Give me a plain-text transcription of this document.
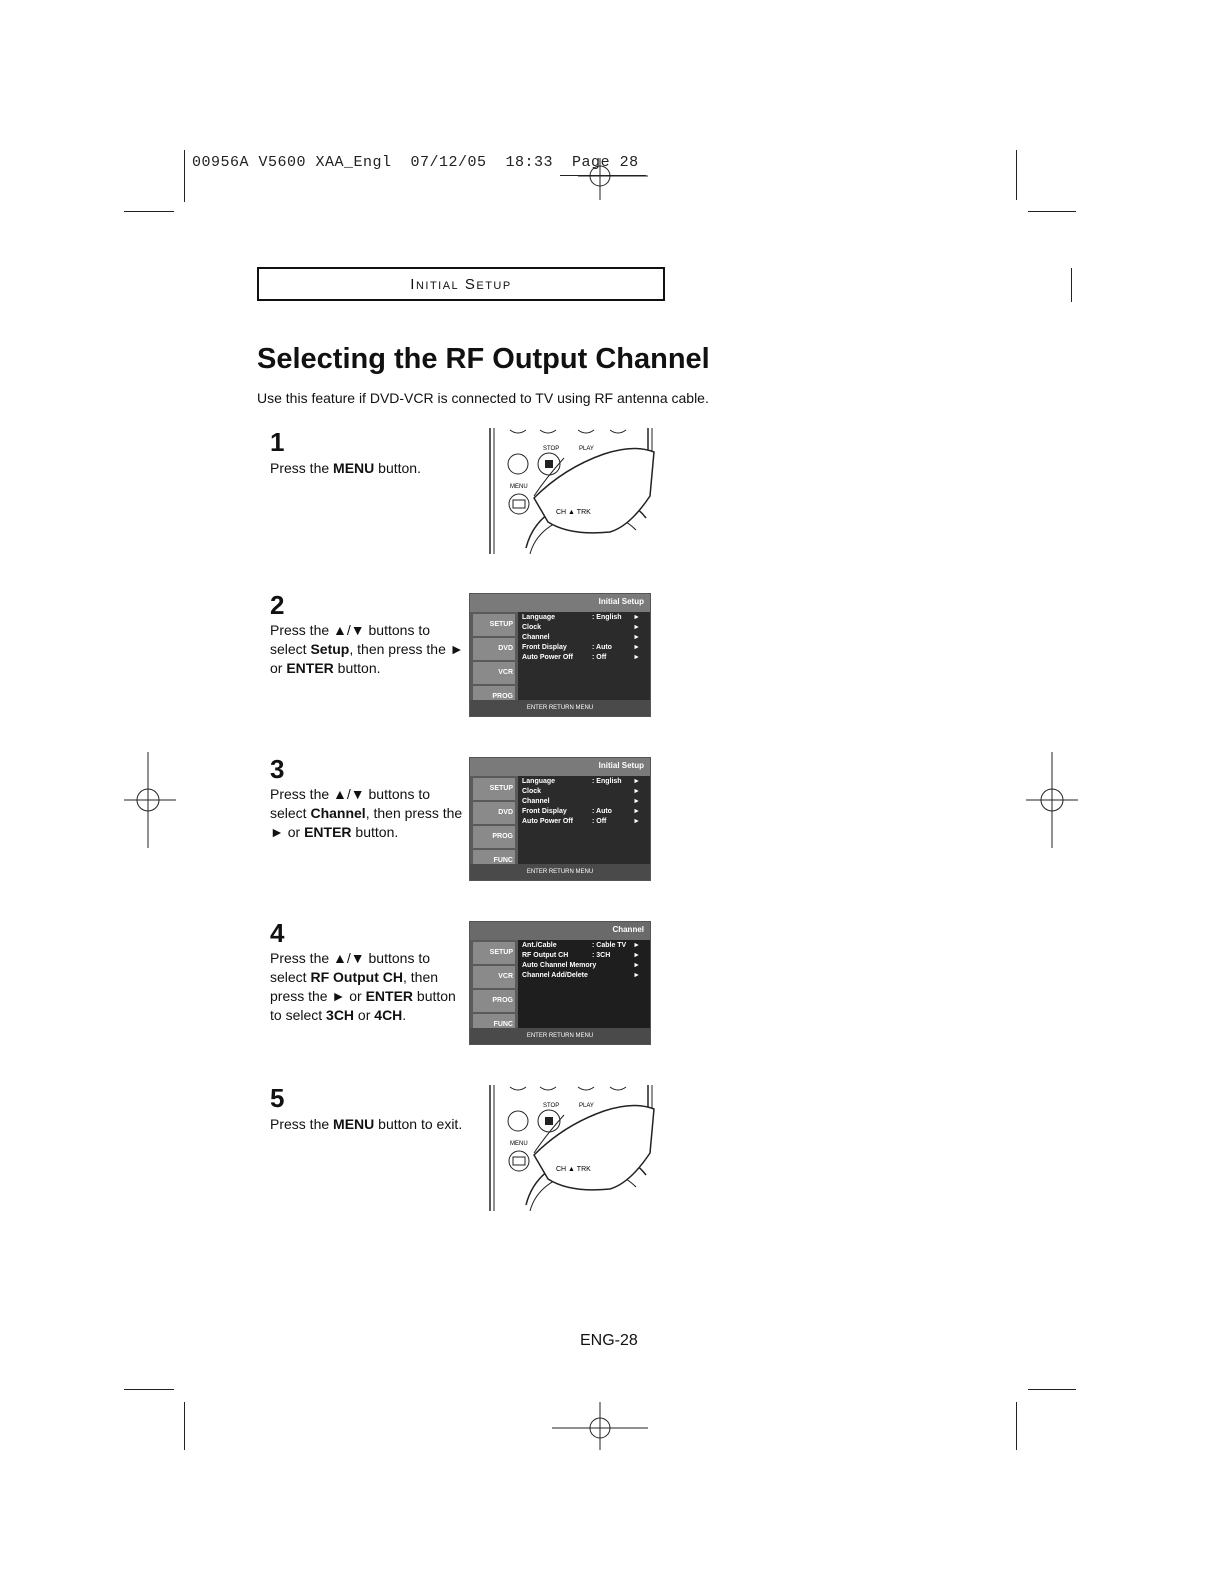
00956A V5600 XAA_Engl  07/12/05  18:33  Page 28
Initial Setup
Selecting the RF Output Channel
Use this feature if DVD-VCR is connected to TV using RF antenna cable.
1
Press the MENU button.
2
Press the ▲/▼ buttons to select Setup, then press the ► or ENTER button.
3
Press the ▲/▼ buttons to select Channel, then press the ► or ENTER button.
4
Press the ▲/▼ buttons to select RF Output CH, then press the ► or ENTER button to select 3CH or 4CH.
5
Press the MENU button to exit.
STOP	PLAY
MENU
CH ▲ TRK
Initial Setup
SETUP
DVD
VCR
PROG
Language	: English ►
Clock	►
Channel	►
Front Display	: Auto	►
Auto Power Off	: Off	►
ENTER RETURN MENU
Initial Setup
SETUP
DVD
PROG
FUNC
Language	: English ►
Clock	►
Channel	►
Front Display	: Auto	►
Auto Power Off	: Off	►
ENTER RETURN MENU
Channel
SETUP
VCR
PROG
FUNC
Ant./Cable	: Cable TV ►
RF Output CH	: 3CH	►
Auto Channel Memory	►
Channel Add/Delete	►
ENTER RETURN MENU
STOP	PLAY
MENU
CH ▲ TRK
ENG-28
